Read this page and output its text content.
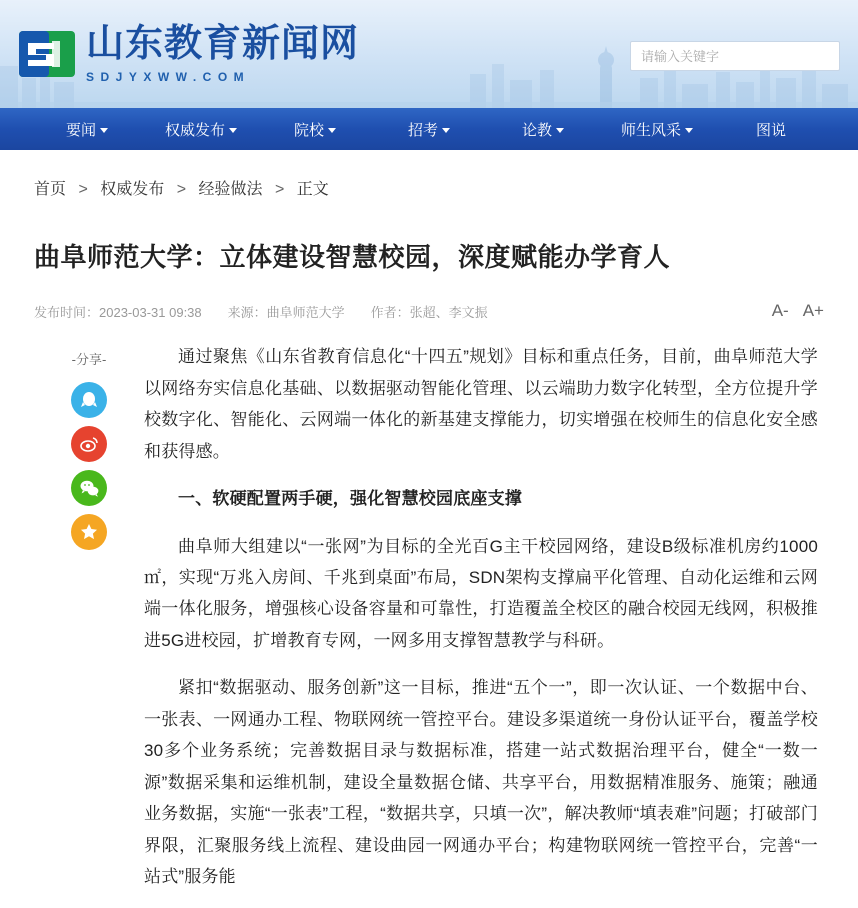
山东教育新闻网
SDJYXWW.COM
请输入关键字
要闻	权威发布	院校	招考	论教	师生风采	图说
首页 > 权威发布 > 经验做法 > 正文
曲阜师范大学：立体建设智慧校园，深度赋能办学育人
发布时间：2023-03-31 09:38 来源：曲阜师范大学 作者：张超、李文振	A- A+
-分享-	通过聚焦《山东省教育信息化“十四五”规划》目标和重点任务，目前，曲阜师范大学以网络夯实信息化基础、以数据驱动智能化管理、以云端助力数字化转型，全方位提升学校数字化、智能化、云网端一体化的新基建支撑能力，切实增强在校师生的信息化安全感和获得感。

一、软硬配置两手硬，强化智慧校园底座支撑

曲阜师大组建以“一张网”为目标的全光百G主干校园网络，建设B级标准机房约1000㎡，实现“万兆入房间、千兆到桌面”布局，SDN架构支撑扁平化管理、自动化运维和云网端一体化服务，增强核心设备容量和可靠性，打造覆盖全校区的融合校园无线网，积极推进5G进校园，扩增教育专网，一网多用支撑智慧教学与科研。

紧扣“数据驱动、服务创新”这一目标，推进“五个一”，即一次认证、一个数据中台、一张表、一网通办工程、物联网统一管控平台。建设多渠道统一身份认证平台，覆盖学校30多个业务系统；完善数据目录与数据标准，搭建一站式数据治理平台，健全“一数一源”数据采集和运维机制，建设全量数据仓储、共享平台，用数据精准服务、施策；融通业务数据，实施“一张表”工程，“数据共享，只填一次”，解决教师“填表难”问题；打破部门界限，汇聚服务线上流程、建设曲园一网通办平台；构建物联网统一管控平台，完善“一站式”服务能
